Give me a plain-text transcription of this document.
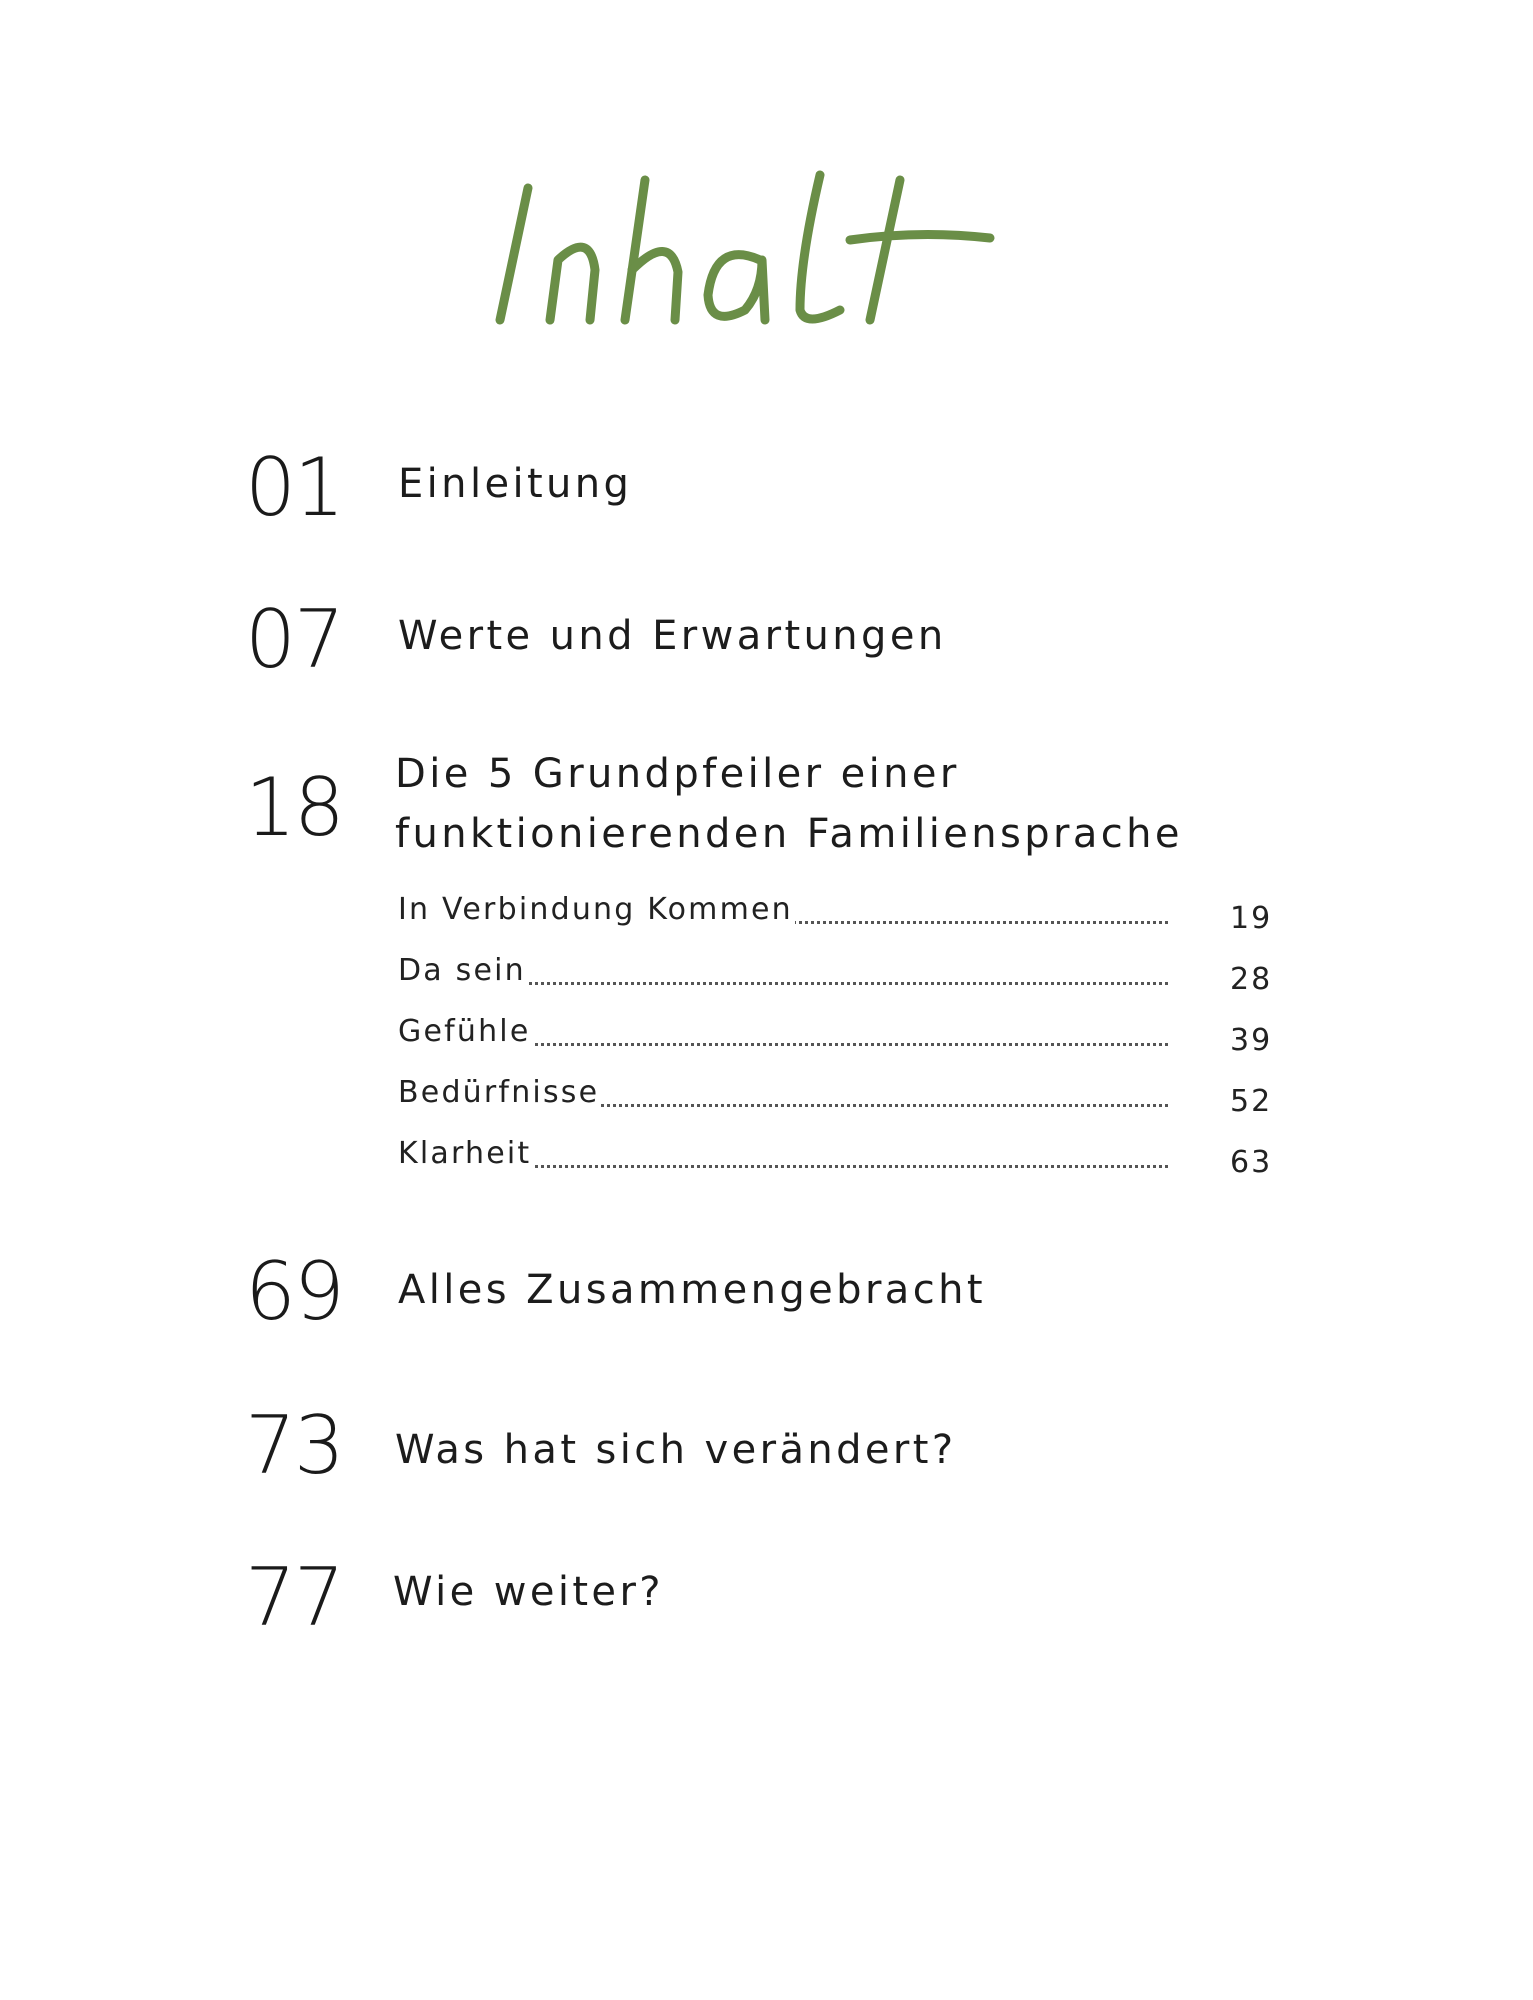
01 Einleitung
07 Werte und Erwartungen
18 Die 5 Grundpfeiler einer
funktionierenden Familiensprache
In Verbindung Kommen	19
Da sein	28
Gefühle	39
Bedürfnisse	52
Klarheit	63
69 Alles Zusammengebracht
73 Was hat sich verändert?
77 Wie weiter?
